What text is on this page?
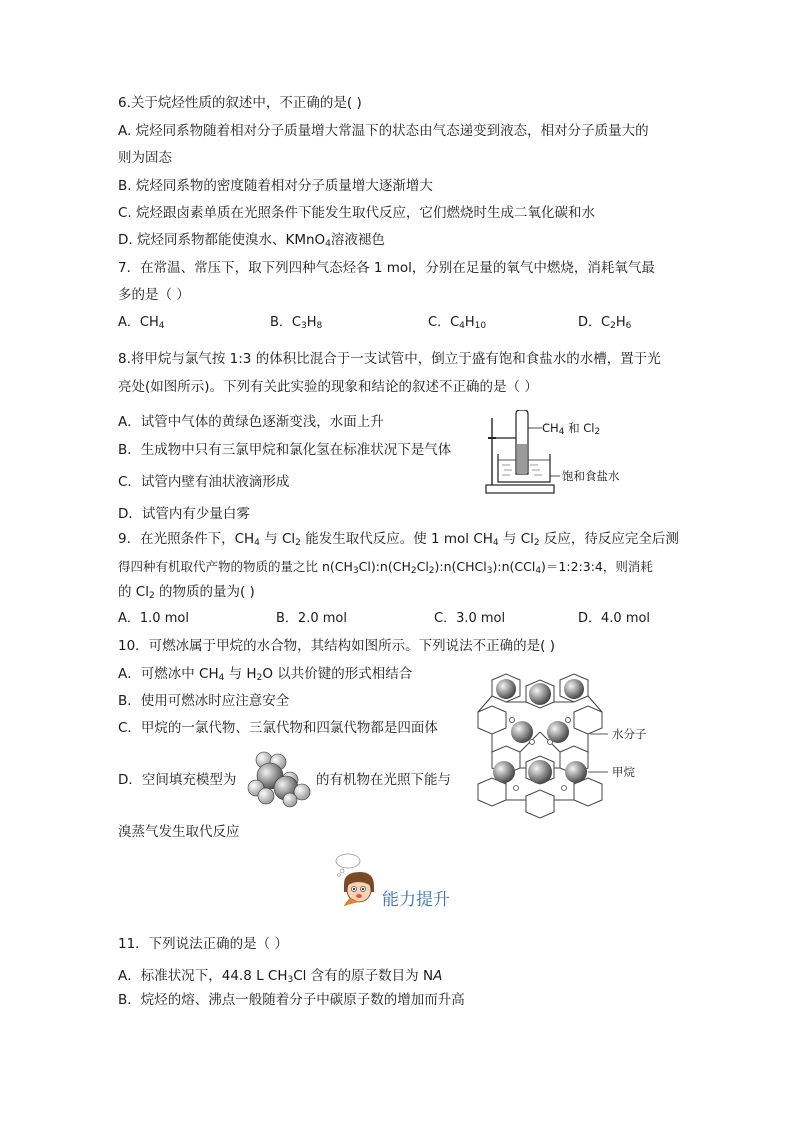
6.关于烷烃性质的叙述中，不正确的是( )
A. 烷烃同系物随着相对分子质量增大常温下的状态由气态递变到液态，相对分子质量大的
则为固态
B. 烷烃同系物的密度随着相对分子质量增大逐渐增大
C. 烷烃跟卤素单质在光照条件下能发生取代反应，它们燃烧时生成二氧化碳和水
D. 烷烃同系物都能使溴水、KMnO$_4$溶液褪色
7．在常温、常压下，取下列四种气态烃各 1 mol，分别在足量的氧气中燃烧，消耗氧气最
多的是（ ）
A．$CH_4$	B．$C_3H_8$	C．$C_4H_{10}$	D．$C_2H_6$
8.将甲烷与氯气按 1:3 的体积比混合于一支试管中，倒立于盛有饱和食盐水的水槽，置于光
亮处(如图所示)。下列有关此实验的现象和结论的叙述不正确的是（ ）
A．试管中气体的黄绿色逐渐变浅，水面上升
B．生成物中只有三氯甲烷和氯化氢在标准状况下是气体
C．试管内壁有油状液滴形成
D．试管内有少量白雾
$CH_4$ 和 $Cl_2$
饱和食盐水
9．在光照条件下，$CH_4$ 与 $Cl_2$ 能发生取代反应。使 1 mol $CH_4$ 与 $Cl_2$ 反应，待反应完全后测
得四种有机取代产物的物质的量之比 $n(CH_3Cl):n(CH_2Cl_2):n(CHCl_3):n(CCl_4)=1:2:3:4$，则消耗
的 $Cl_2$ 的物质的量为( )
A．1.0 mol	B．2.0 mol	C．3.0 mol	D．4.0 mol
10．可燃冰属于甲烷的水合物，其结构如图所示。下列说法不正确的是( )
A．可燃冰中 $CH_4$ 与 $H_2O$ 以共价键的形式相结合
B．使用可燃冰时应注意安全
C．甲烷的一氯代物、三氯代物和四氯代物都是四面体
D．空间填充模型为	的有机物在光照下能与
溴蒸气发生取代反应
水分子
甲烷
能力提升
11．下列说法正确的是（ ）
A．标准状况下，44.8 L $CH_3Cl$ 含有的原子数目为 NA
B．烷烃的熔、沸点一般随着分子中碳原子数的增加而升高
